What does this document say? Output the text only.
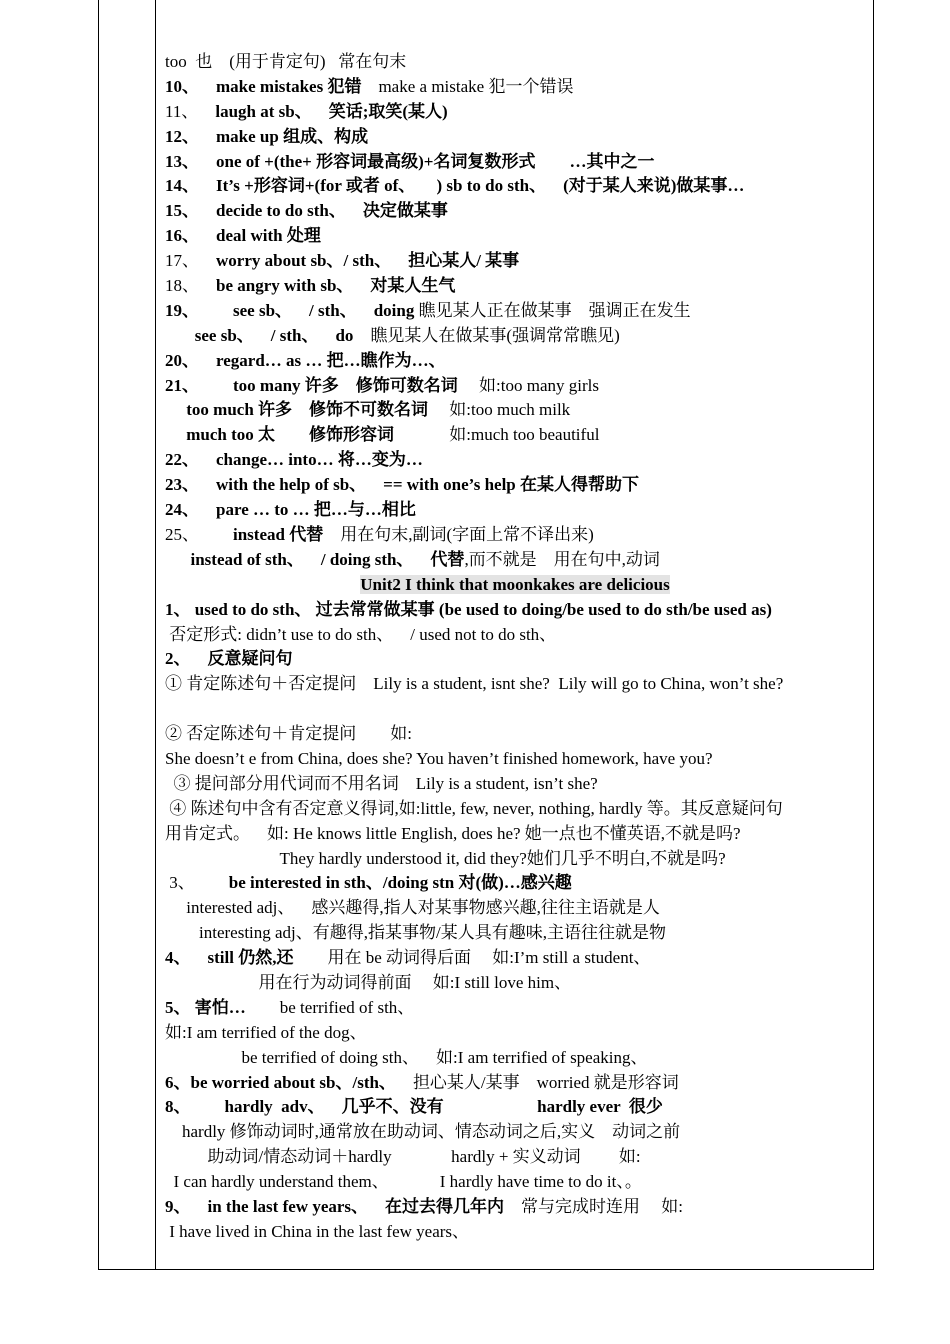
too  也    (用于肯定句)   常在句末
10、    make mistakes 犯错    make a mistake 犯一个错误
11、    laugh at sb、    笑话;取笑(某人)
12、    make up 组成、构成
13、    one of +(the+ 形容词最高级)+名词复数形式        …其中之一
14、    It’s +形容词+(for 或者 of、     ) sb to do sth、    (对于某人来说)做某事…
15、    decide to do sth、    决定做某事
16、    deal with 处理
17、    worry about sb、/ sth、    担心某人/ 某事
18、    be angry with sb、    对某人生气
19、        see sb、    / sth、    doing 瞧见某人正在做某事    强调正在发生
see sb、    / sth、    do    瞧见某人在做某事(强调常常瞧见)
20、    regard… as … 把…瞧作为…、
21、        too many 许多    修饰可数名词     如:too many girls
too much 许多    修饰不可数名词     如:too much milk
much too 太        修饰形容词             如:much too beautiful
22、    change… into… 将…变为…
23、    with the help of sb、    == with one’s help 在某人得帮助下
24、    pare … to … 把…与…相比
25、        instead 代替    用在句末,副词(字面上常不译出来)
instead of sth、    / doing sth、    代替,而不就是    用在句中,动词
Unit2 I think that moonkakes are delicious
1、 used to do sth、 过去常常做某事 (be used to doing/be used to do sth/be used as)
否定形式: didn’t use to do sth、    / used not to do sth、
2、    反意疑问句
① 肯定陈述句＋否定提问    Lily is a student, isnt she?  Lily will go to China, won’t she?
② 否定陈述句＋肯定提问        如:
She doesn’t e from China, does she? You haven’t finished homework, have you?
③ 提问部分用代词而不用名词    Lily is a student, isn’t she?
④ 陈述句中含有否定意义得词,如:little, few, never, nothing, hardly 等。其反意疑问句
用肯定式。    如: He knows little English, does he? 她一点也不懂英语,不就是吗?
They hardly understood it, did they?她们几乎不明白,不就是吗?
3、        be interested in sth、/doing stn 对(做)…感兴趣
interested adj、    感兴趣得,指人对某事物感兴趣,往往主语就是人
interesting adj、有趣得,指某事物/某人具有趣味,主语往往就是物
4、    still 仍然,还        用在 be 动词得后面     如:I’m still a student、
用在行为动词得前面     如:I still love him、
5、 害怕…        be terrified of sth、
如:I am terrified of the dog、
be terrified of doing sth、    如:I am terrified of speaking、
6、be worried about sb、/sth、    担心某人/某事    worried 就是形容词
8、        hardly  adv、    几乎不、没有                      hardly ever  很少
hardly 修饰动词时,通常放在助动词、情态动词之后,实义    动词之前
助动词/情态动词＋hardly              hardly + 实义动词         如:
I can hardly understand them、            I hardly have time to do it、。
9、    in the last few years、    在过去得几年内    常与完成时连用     如:
I have lived in China in the last few years、
